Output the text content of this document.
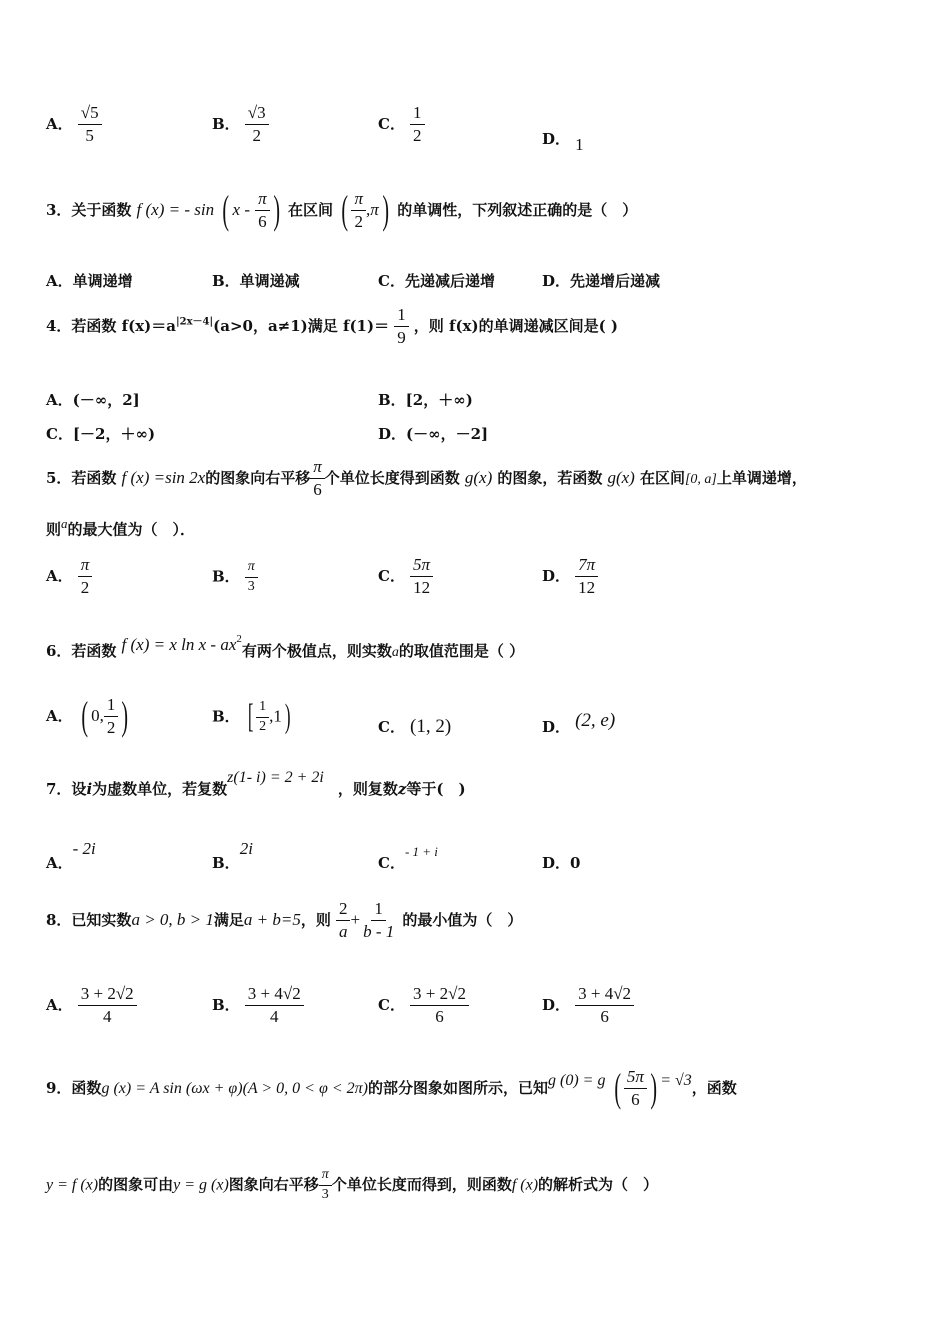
A． $\frac{√5}{5}$	B． $\frac{√3}{2}$	C． $\frac{1}{2}$	D． 1
3．关于函数 f (x) = - sin ( x - $\frac{\pi}{6}$ ) 在区间 ( $\frac{\pi}{2} ,\pi$) 的单调性，下列叙述正确的是（　）
A．单调递增	B．单调递减	C．先递减后递增	D．先递增后递减
4．若函数 $f(x)=a^{|2x-4|}(a>0$，a≠1)满足 $f(1)= \frac{1}{9}$ ，则 f(x)的单调递减区间是( )
A．(－∞，2]	B．[2，＋∞)
C．[－2，＋∞)	D．(－∞，－2]
5．若函数 f (x) =sin 2x的图象向右平移 $\frac{\pi}{6}$ 个单位长度得到函数 g(x) 的图象，若函数 g(x) 在区间[0, a]上单调递增，
则$^a$的最大值为（　）．
A． $\frac{\pi}{2}$	B． $\frac{\pi}{3}$	C． $\frac{5\pi}{12}$	D． $\frac{7\pi}{12}$
6．若函数 f (x) = x ln x - $ax^2$有两个极值点，则实数a的取值范围是（ ）
A． ( 0, $\frac{1}{2}$ )	B． [ $\frac{1}{2} ,1$)	C． (1, 2)	D． (2, e)
7．设i为虚数单位，若复数z(1- i) = 2 + 2i，则复数z等于(　)
A．- 2i
B．2i
C．- 1 + i
D．0
8．已知实数a > 0, b > 1满足a + b=5，则 $\frac{2}{a} + \frac{1}{b - 1}$ 的最小值为（　）
A． $\frac{3 + 2√2}{4}$	B． $\frac{3 + 4√2}{4}$	C． $\frac{3 + 2√2}{6}$	D． $\frac{3 + 4√2}{6}$
9．函数g (x) = A sin (ωx + φ)(A > 0, 0 < φ < 2π)的部分图象如图所示，已知g (0) = g ( $\frac{5\pi}{6}$ ) = √3，函数
y = f (x)的图象可由y = g (x)图象向右平移 $\frac{\pi}{3}$ 个单位长度而得到，则函数f (x)的解析式为（　）
